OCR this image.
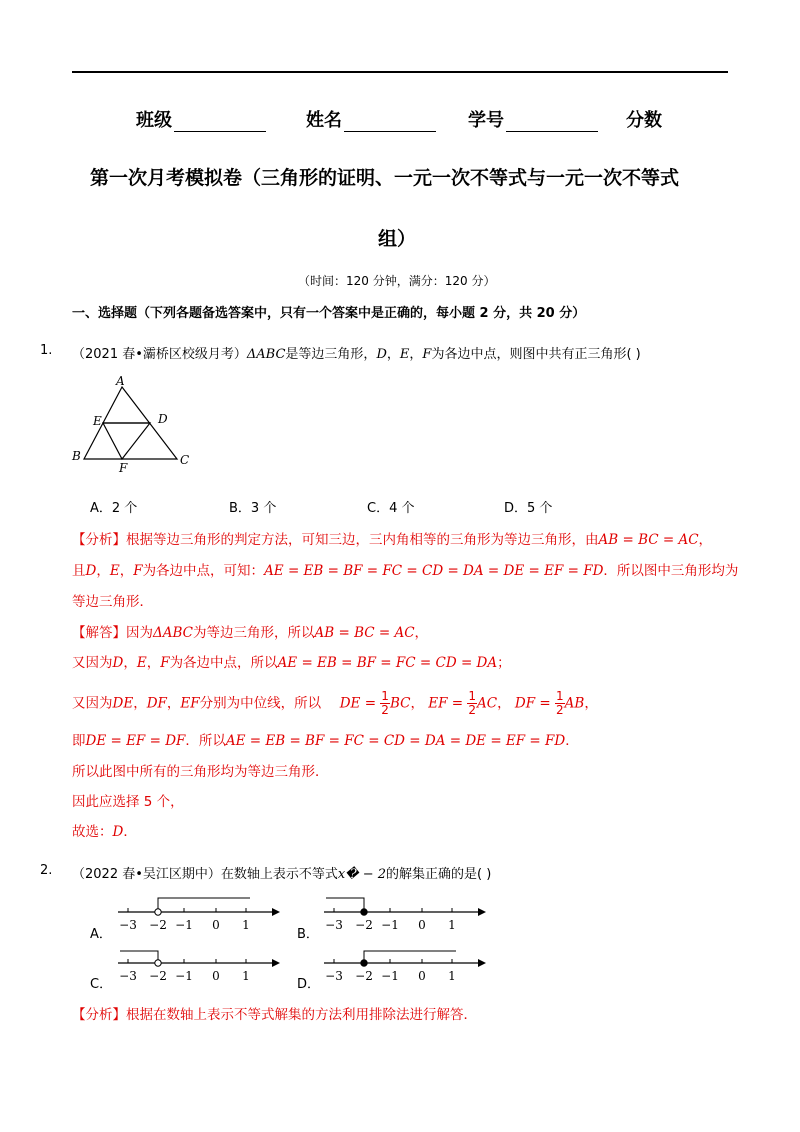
班级	姓名	学号	分数
第一次月考模拟卷（三角形的证明、一元一次不等式与一元一次不等式
组）
（时间：120 分钟，满分：120 分）
一、选择题（下列各题备选答案中，只有一个答案中是正确的，每小题 2 分，共 20 分）
1. （2021 春•灞桥区校级月考）ΔABC是等边三角形，D，E，F为各边中点，则图中共有正三角形( )
A
B	C
D
E
F
A．2 个	B．3 个	C．4 个	D．5 个
【分析】根据等边三角形的判定方法，可知三边，三内角相等的三角形为等边三角形，由AB = BC = AC，
且D，E，F为各边中点，可知：AE = EB = BF = FC = CD = DA = DE = EF = FD．所以图中三角形均为
等边三角形．
【解答】因为ΔABC为等边三角形，所以AB = BC = AC，
又因为D，E，F为各边中点，所以AE = EB = BF = FC = CD = DA；
又因为DE，DF，EF分别为中位线，所以 DE = $\frac{1}{2}$ BC， EF = $\frac{1}{2}$ AC， DF = $\frac{1}{2}$ AB，
即DE = EF = DF．所以AE = EB = BF = FC = CD = DA = DE = EF = FD．
所以此图中所有的三角形均为等边三角形．
因此应选择 5 个，
故选：D．
2. （2022 春•吴江区期中）在数轴上表示不等式x� − 2的解集正确的是( )
A．	B．
C．	D．
−3 −2 −1 0 1	−3 −2 −1 0 1
−3 −2 −1 0 1	−3 −2 −1 0 1
【分析】根据在数轴上表示不等式解集的方法利用排除法进行解答．
